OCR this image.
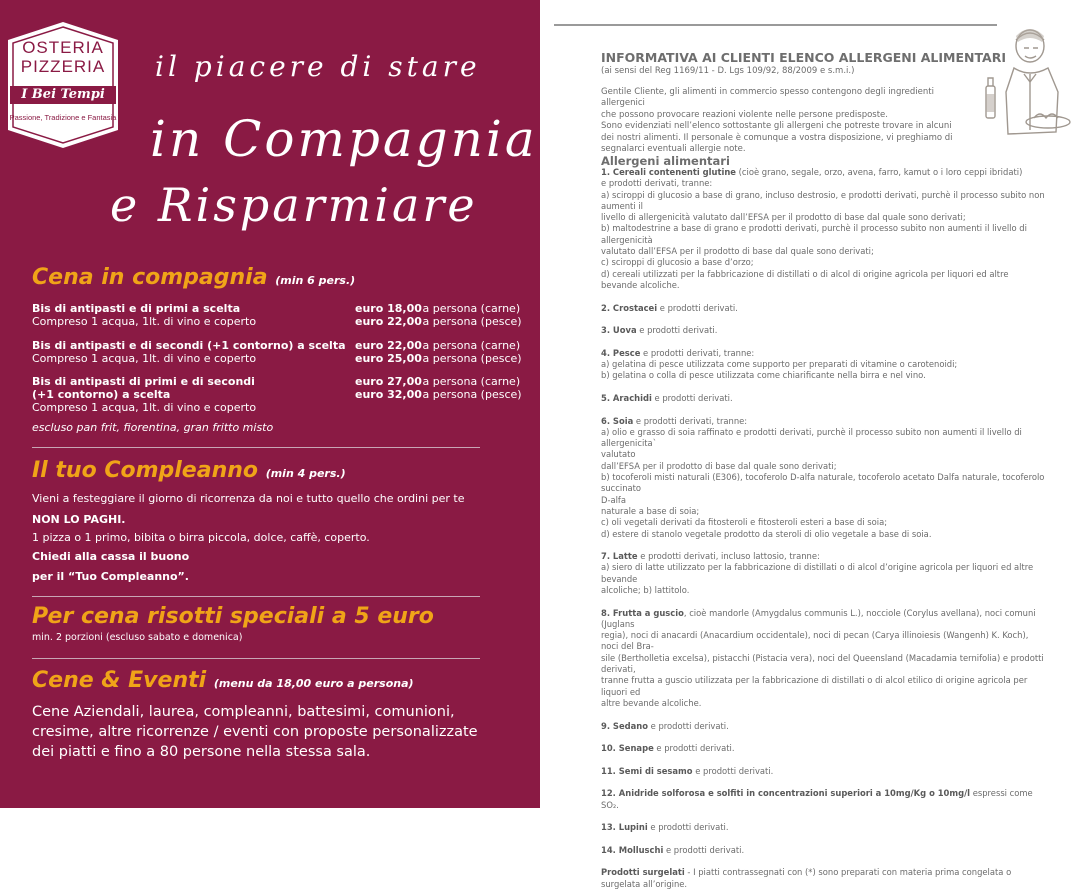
OSTERIA
PIZZERIA
I Bei Tempi
Passione, Tradizione e Fantasia
il piacere di stare
in Compagnia
e Risparmiare
Cena in compagnia (min 6 pers.)
Bis di antipasti e di primi a scelta
Compreso 1 acqua, 1lt. di vino e coperto
euro 18,00 a persona (carne)
euro 22,00 a persona (pesce)
Bis di antipasti e di secondi (+1 contorno) a scelta
Compreso 1 acqua, 1lt. di vino e coperto
euro 22,00 a persona (carne)
euro 25,00 a persona (pesce)
Bis di antipasti di primi e di secondi
(+1 contorno) a scelta
Compreso 1 acqua, 1lt. di vino e coperto
euro 27,00 a persona (carne)
euro 32,00 a persona (pesce)
escluso pan frit, fiorentina, gran fritto misto
Il tuo Compleanno (min 4 pers.)
Vieni a festeggiare il giorno di ricorrenza da noi e tutto quello che ordini per te
NON LO PAGHI.
1 pizza o 1 primo, bibita o birra piccola, dolce, caffè, coperto.
Chiedi alla cassa il buono
per il “Tuo Compleanno”.
Per cena risotti speciali a 5 euro
min. 2 porzioni (escluso sabato e domenica)
Cene & Eventi (menu da 18,00 euro a persona)
Cene Aziendali, laurea, compleanni, battesimi, comunioni, cresime, altre ricorrenze / eventi con proposte personalizzate dei piatti e fino a 80 persone nella stessa sala.
INFORMATIVA AI CLIENTI ELENCO ALLERGENI ALIMENTARI
(ai sensi del Reg 1169/11 - D. Lgs 109/92, 88/2009 e s.m.i.)
Gentile Cliente, gli alimenti in commercio spesso contengono degli ingredienti allergenici
che possono provocare reazioni violente nelle persone predisposte.
Sono evidenziati nell’elenco sottostante gli allergeni che potreste trovare in alcuni
dei nostri alimenti. Il personale è comunque a vostra disposizione, vi preghiamo di
segnalarci eventuali allergie note.
Allergeni alimentari
1. Cereali contenenti glutine (cioè grano, segale, orzo, avena, farro, kamut o i loro ceppi ibridati)
e prodotti derivati, tranne:
a) sciroppi di glucosio a base di grano, incluso destrosio, e prodotti derivati, purchè il processo subito non aumenti il
livello di allergenicità valutato dall’EFSA per il prodotto di base dal quale sono derivati;
b) maltodestrine a base di grano e prodotti derivati, purchè il processo subito non aumenti il livello di allergenicità
valutato dall’EFSA per il prodotto di base dal quale sono derivati;
c) sciroppi di glucosio a base d’orzo;
d) cereali utilizzati per la fabbricazione di distillati o di alcol di origine agricola per liquori ed altre bevande alcoliche.
2. Crostacei e prodotti derivati.
3. Uova e prodotti derivati.
4. Pesce e prodotti derivati, tranne:
a) gelatina di pesce utilizzata come supporto per preparati di vitamine o carotenoidi;
b) gelatina o colla di pesce utilizzata come chiarificante nella birra e nel vino.
5. Arachidi e prodotti derivati.
6. Soia e prodotti derivati, tranne:
a) olio e grasso di soia raffinato e prodotti derivati, purchè il processo subito non aumenti il livello di allergenicita`
valutato
dall’EFSA per il prodotto di base dal quale sono derivati;
b) tocoferoli misti naturali (E306), tocoferolo D-alfa naturale, tocoferolo acetato Dalfa naturale, tocoferolo succinato
D-alfa
naturale a base di soia;
c) oli vegetali derivati da fitosteroli e fitosteroli esteri a base di soia;
d) estere di stanolo vegetale prodotto da steroli di olio vegetale a base di soia.
7. Latte e prodotti derivati, incluso lattosio, tranne:
a) siero di latte utilizzato per la fabbricazione di distillati o di alcol d’origine agricola per liquori ed altre bevande
alcoliche; b) lattitolo.
8. Frutta a guscio, cioè mandorle (Amygdalus communis L.), nocciole (Corylus avellana), noci comuni (Juglans
regia), noci di anacardi (Anacardium occidentale), noci di pecan (Carya illinoiesis (Wangenh) K. Koch), noci del Bra-
sile (Bertholletia excelsa), pistacchi (Pistacia vera), noci del Queensland (Macadamia ternifolia) e prodotti derivati,
tranne frutta a guscio utilizzata per la fabbricazione di distillati o di alcol etilico di origine agricola per liquori ed
altre bevande alcoliche.
9. Sedano e prodotti derivati.
10. Senape e prodotti derivati.
11. Semi di sesamo e prodotti derivati.
12. Anidride solforosa e solfiti in concentrazioni superiori a 10mg/Kg o 10mg/l espressi come SO₂.
13. Lupini e prodotti derivati.
14. Molluschi e prodotti derivati.
Prodotti surgelati - I piatti contrassegnati con (*) sono preparati con materia prima congelata o surgelata all’origine.
